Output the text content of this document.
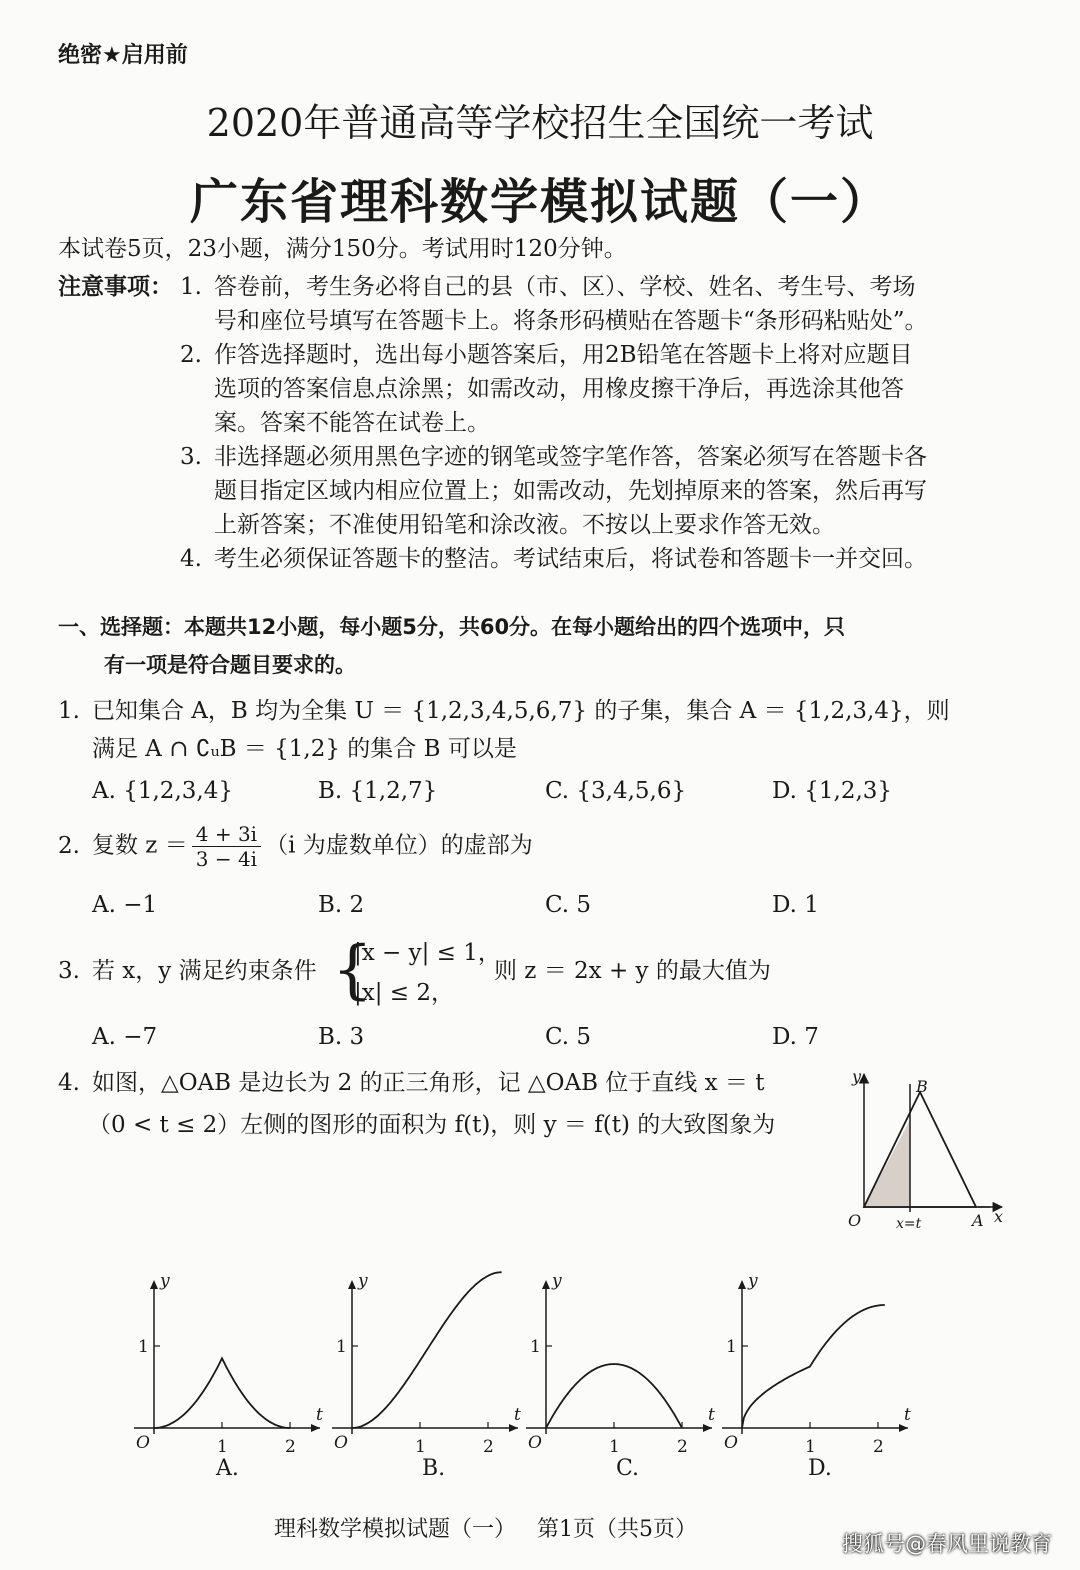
绝密★启用前
2020年普通高等学校招生全国统一考试
广东省理科数学模拟试题（一）
本试卷5页，23小题，满分150分。考试用时120分钟。
注意事项： 1. 答卷前，考生务必将自己的县（市、区）、学校、姓名、考生号、考场
号和座位号填写在答题卡上。将条形码横贴在答题卡“条形码粘贴处”。
2. 作答选择题时，选出每小题答案后，用2B铅笔在答题卡上将对应题目
选项的答案信息点涂黑；如需改动，用橡皮擦干净后，再选涂其他答
案。答案不能答在试卷上。
3. 非选择题必须用黑色字迹的钢笔或签字笔作答，答案必须写在答题卡各
题目指定区域内相应位置上；如需改动，先划掉原来的答案，然后再写
上新答案；不准使用铅笔和涂改液。不按以上要求作答无效。
4. 考生必须保证答题卡的整洁。考试结束后，将试卷和答题卡一并交回。
一、选择题：本题共12小题，每小题5分，共60分。在每小题给出的四个选项中，只
有一项是符合题目要求的。
1. 已知集合 A，B 均为全集 U ＝ {1,2,3,4,5,6,7} 的子集，集合 A ＝ {1,2,3,4}，则
满足 A ∩ ∁ᵤB ＝ {1,2} 的集合 B 可以是
A. {1,2,3,4}	B. {1,2,7}	C. {3,4,5,6}	D. {1,2,3}
2. 复数 $z = \frac{4 + 3i}{3 - 4i} (i$ 为虚数单位）的虚部为
A. −1	B. 2	C. 5	D. 1
3. 若 x，y 满足约束条件 {
|x − y| ≤ 1，
|x| ≤ 2，
则 z ＝ 2x + y 的最大值为
A. −7	B. 3	C. 5	D. 7
4. 如图，△OAB 是边长为 2 的正三角形，记 △OAB 位于直线 x ＝ t
（0 < t ≤ 2）左侧的图形的面积为 f(t)，则 y ＝ f(t) 的大致图象为
y
B
O x=t	A x
y
O	1	2
1
t
y
O	1	2
1
t
y
O	1	2
1
t
y
O	1	2
1
t
A.	B.	C.	D.
理科数学模拟试题（一）   第1页（共5页）
搜狐号@春风里说教育
